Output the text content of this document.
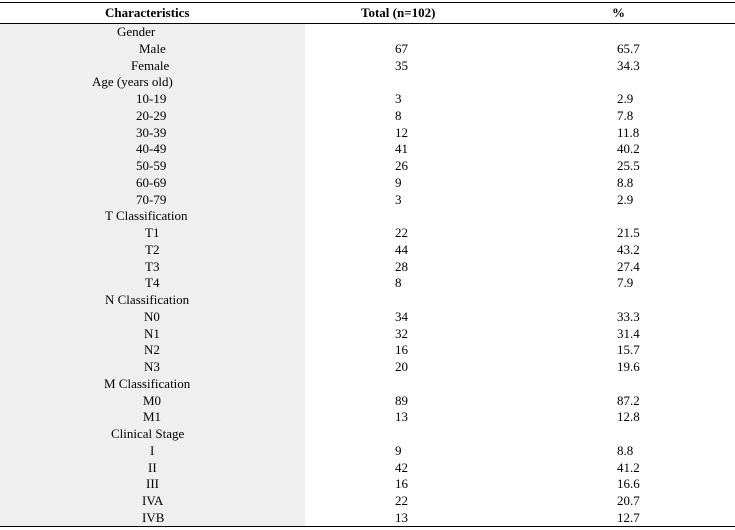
Characteristics	Total (n=102)	%
Gender
Male	67	65.7
Female	35	34.3
Age (years old)
10-19	3	2.9
20-29	8	7.8
30-39	12	11.8
40-49	41	40.2
50-59	26	25.5
60-69	9	8.8
70-79	3	2.9
T Classification
T1	22	21.5
T2	44	43.2
T3	28	27.4
T4	8	7.9
N Classification
N0	34	33.3
N1	32	31.4
N2	16	15.7
N3	20	19.6
M Classification
M0	89	87.2
M1	13	12.8
Clinical Stage
I	9	8.8
II	42	41.2
III	16	16.6
IVA	22	20.7
IVB	13	12.7
